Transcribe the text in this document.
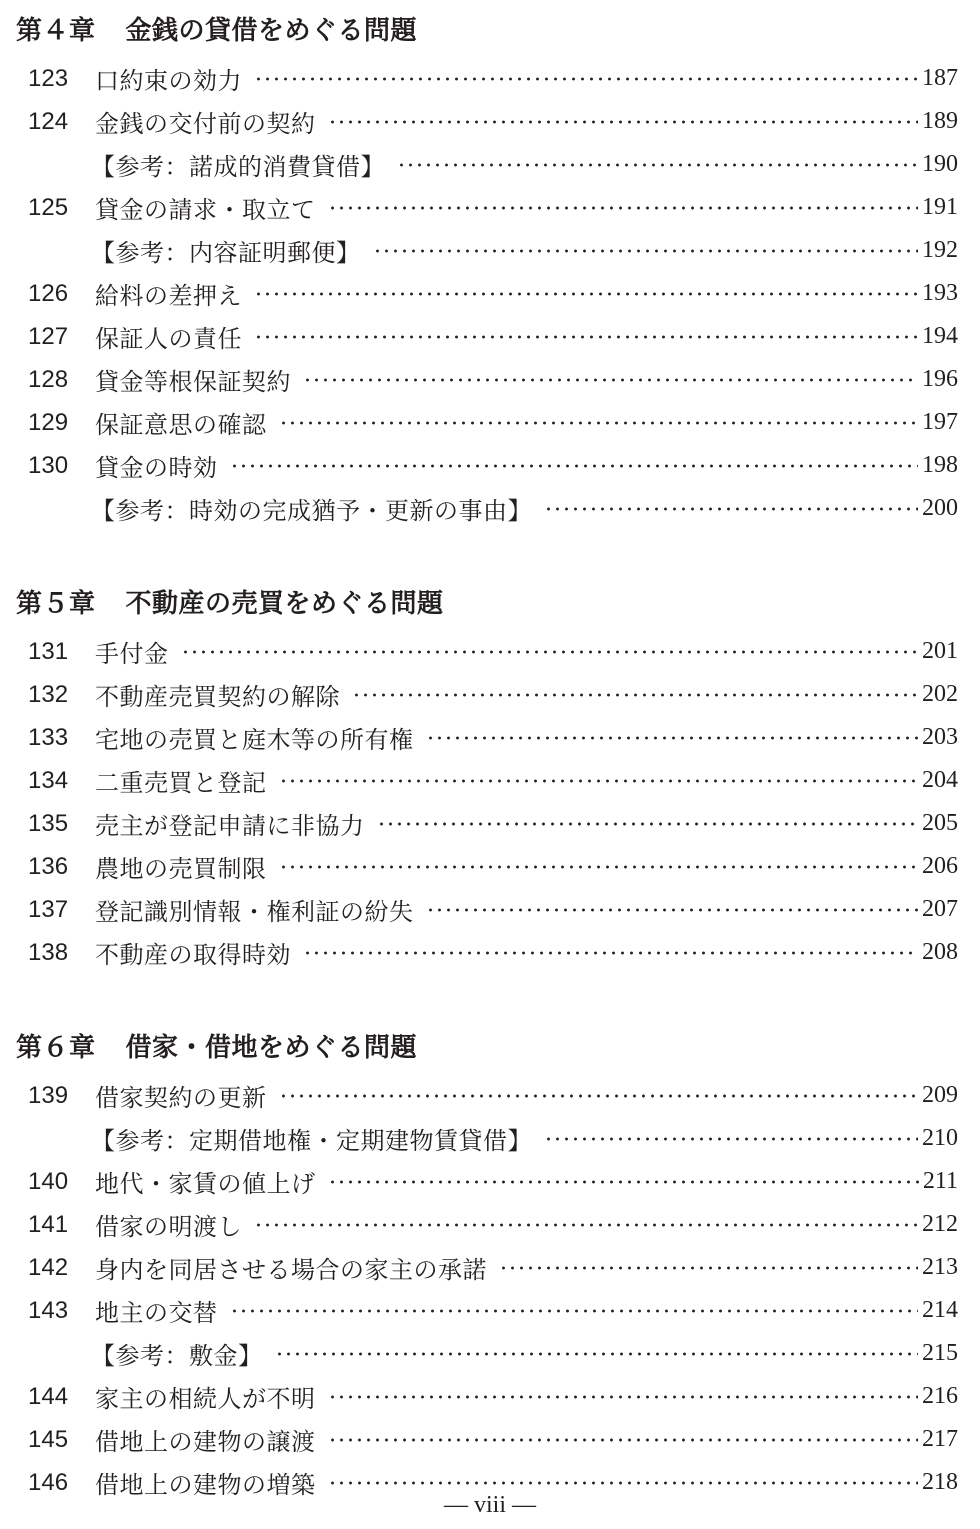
第４章 金銭の貸借をめぐる問題
123	口約束の効力	187
124	金銭の交付前の契約	189
【参考：諾成的消費貸借】	190
125	貸金の請求・取立て	191
【参考：内容証明郵便】	192
126	給料の差押え	193
127	保証人の責任	194
128	貸金等根保証契約	196
129	保証意思の確認	197
130	貸金の時効	198
【参考：時効の完成猶予・更新の事由】	200
第５章 不動産の売買をめぐる問題
131	手付金	201
132	不動産売買契約の解除	202
133	宅地の売買と庭木等の所有権	203
134	二重売買と登記	204
135	売主が登記申請に非協力	205
136	農地の売買制限	206
137	登記識別情報・権利証の紛失	207
138	不動産の取得時効	208
第６章 借家・借地をめぐる問題
139	借家契約の更新	209
【参考：定期借地権・定期建物賃貸借】	210
140	地代・家賃の値上げ	211
141	借家の明渡し	212
142	身内を同居させる場合の家主の承諾	213
143	地主の交替	214
【参考：敷金】	215
144	家主の相続人が不明	216
145	借地上の建物の譲渡	217
146	借地上の建物の増築	218
— viii —
